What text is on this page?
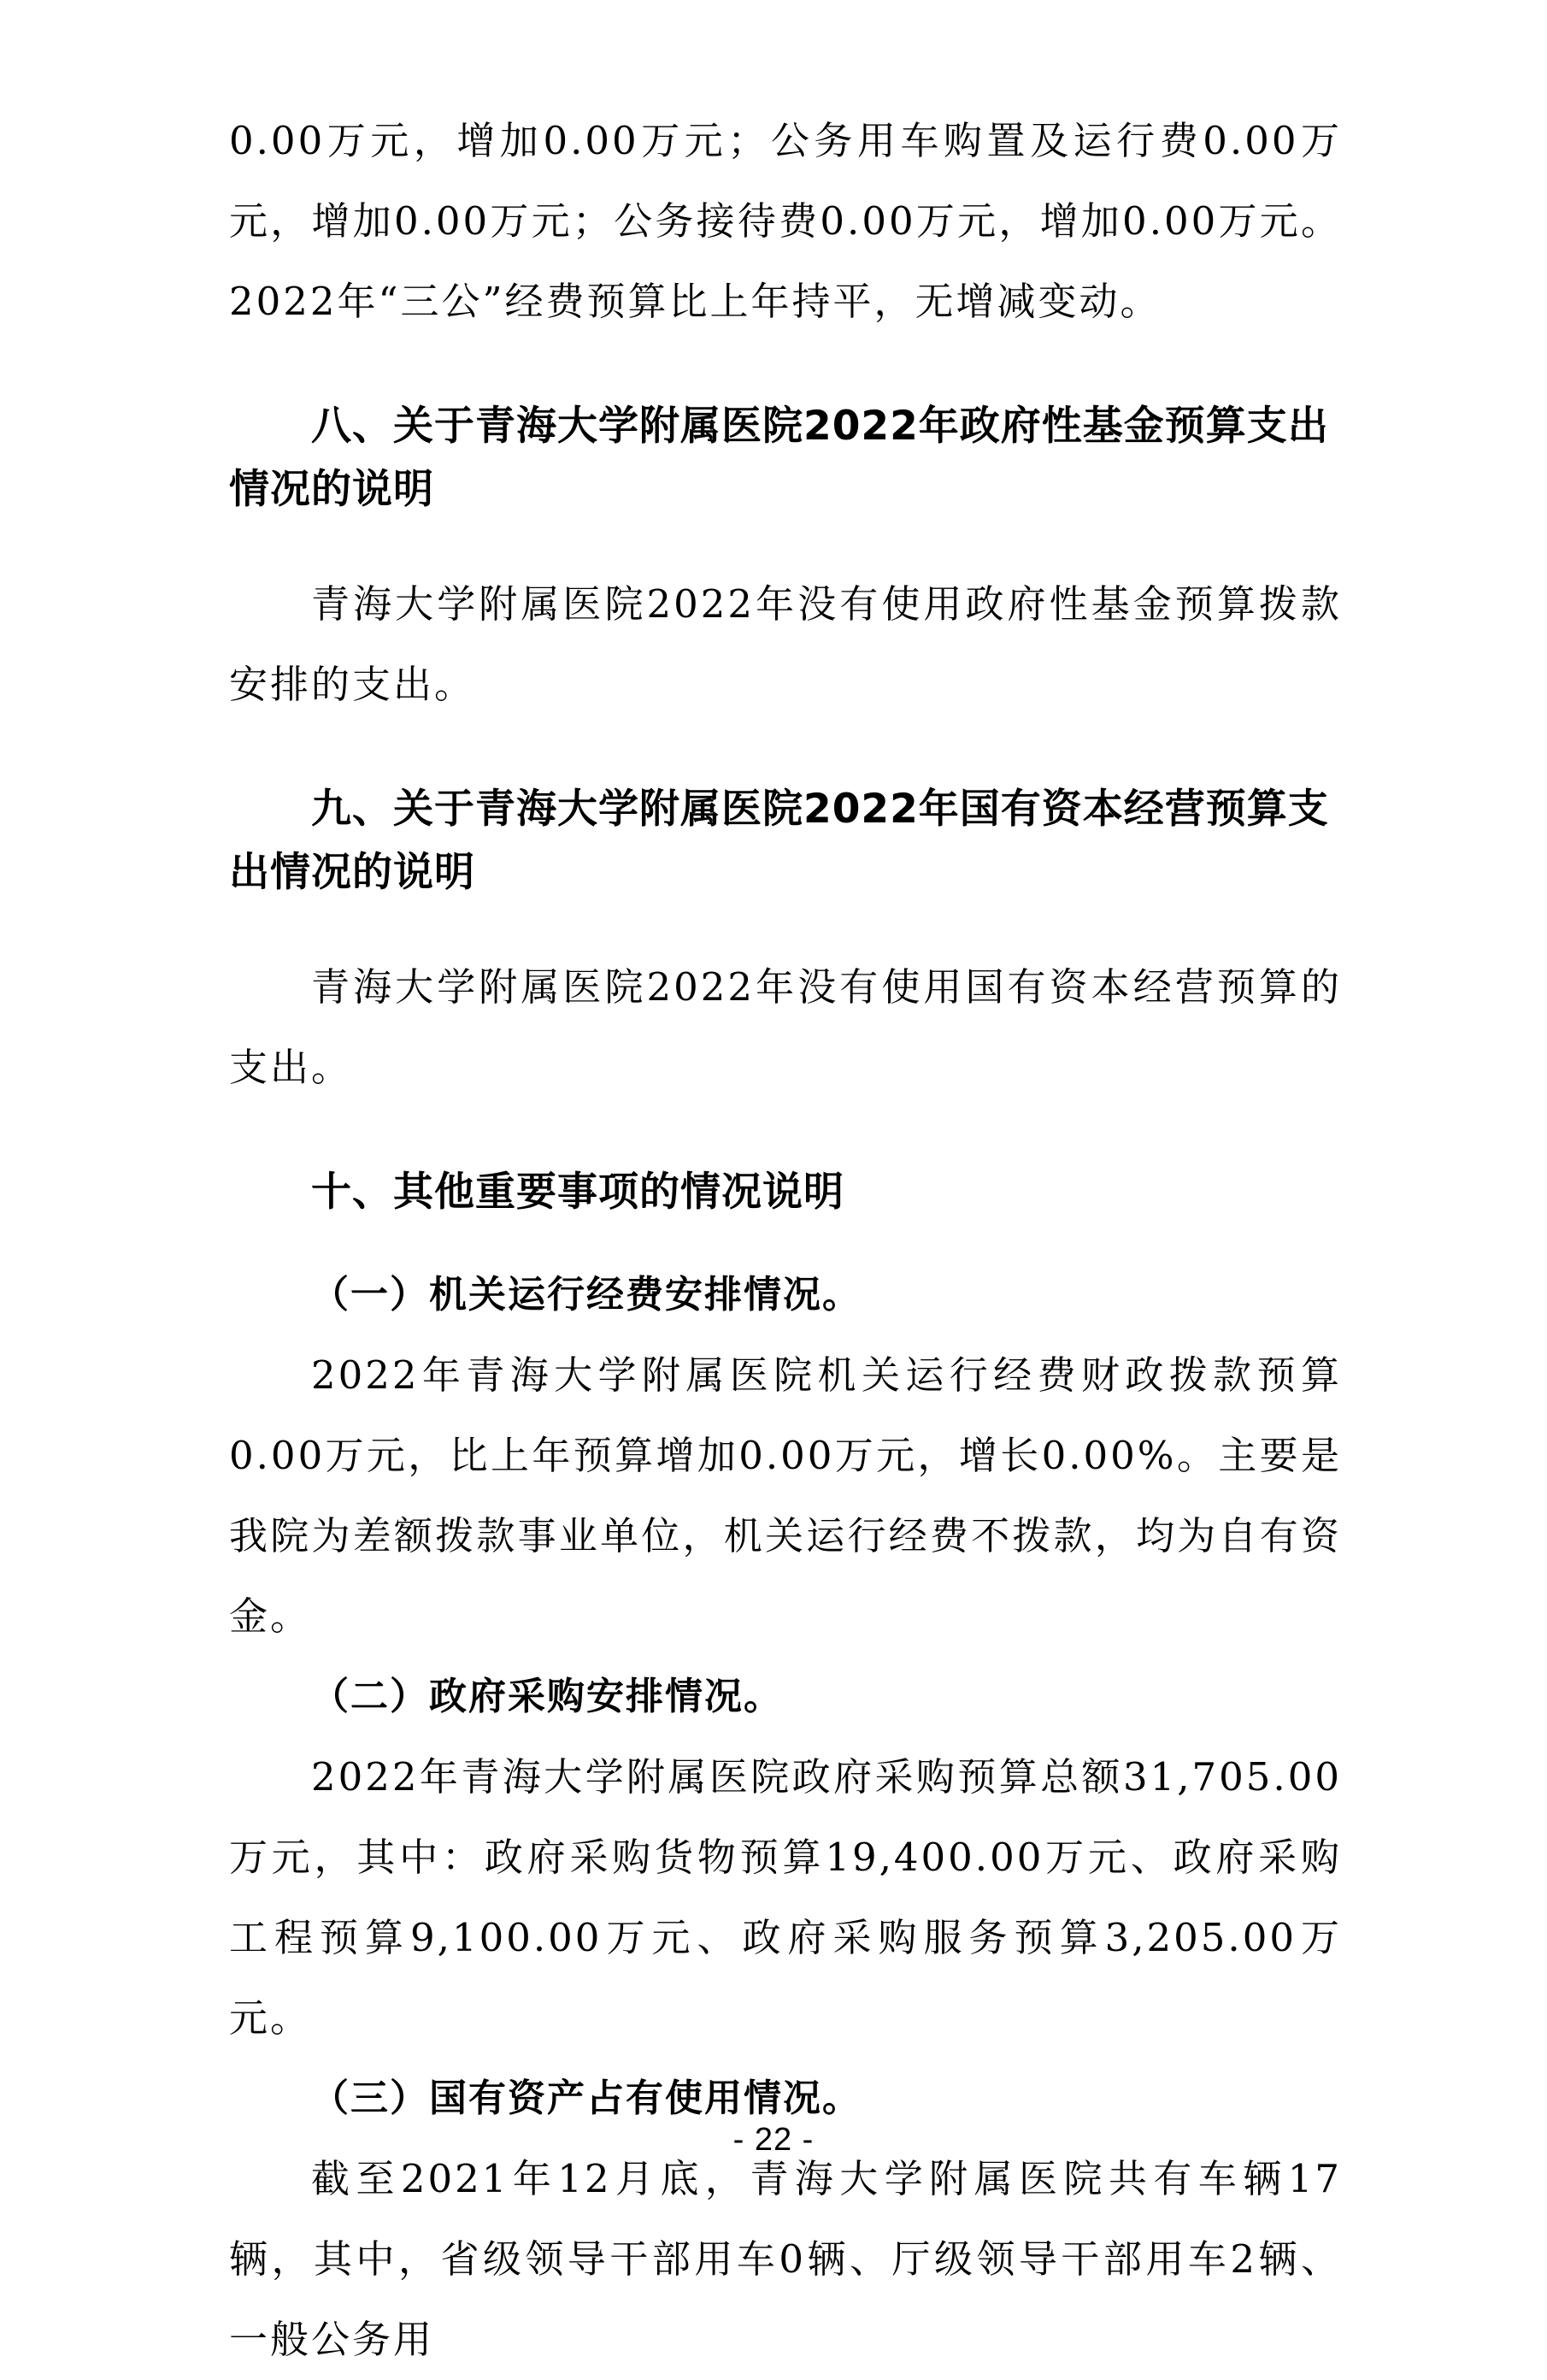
0.00万元，增加0.00万元；公务用车购置及运行费0.00万元，增加0.00万元；公务接待费0.00万元，增加0.00万元。2022年“三公”经费预算比上年持平，无增减变动。

八、关于青海大学附属医院2022年政府性基金预算支出情况的说明

青海大学附属医院2022年没有使用政府性基金预算拨款安排的支出。

九、关于青海大学附属医院2022年国有资本经营预算支出情况的说明

青海大学附属医院2022年没有使用国有资本经营预算的支出。

十、其他重要事项的情况说明
（一）机关运行经费安排情况。

2022年青海大学附属医院机关运行经费财政拨款预算0.00万元，比上年预算增加0.00万元，增长0.00%。主要是我院为差额拨款事业单位，机关运行经费不拨款，均为自有资金。

（二）政府采购安排情况。

2022年青海大学附属医院政府采购预算总额31,705.00万元，其中：政府采购货物预算19,400.00万元、政府采购工程预算9,100.00万元、政府采购服务预算3,205.00万元。

（三）国有资产占有使用情况。

截至2021年12月底，青海大学附属医院共有车辆17辆，其中，省级领导干部用车0辆、厅级领导干部用车2辆、一般公务用

- 22 -
